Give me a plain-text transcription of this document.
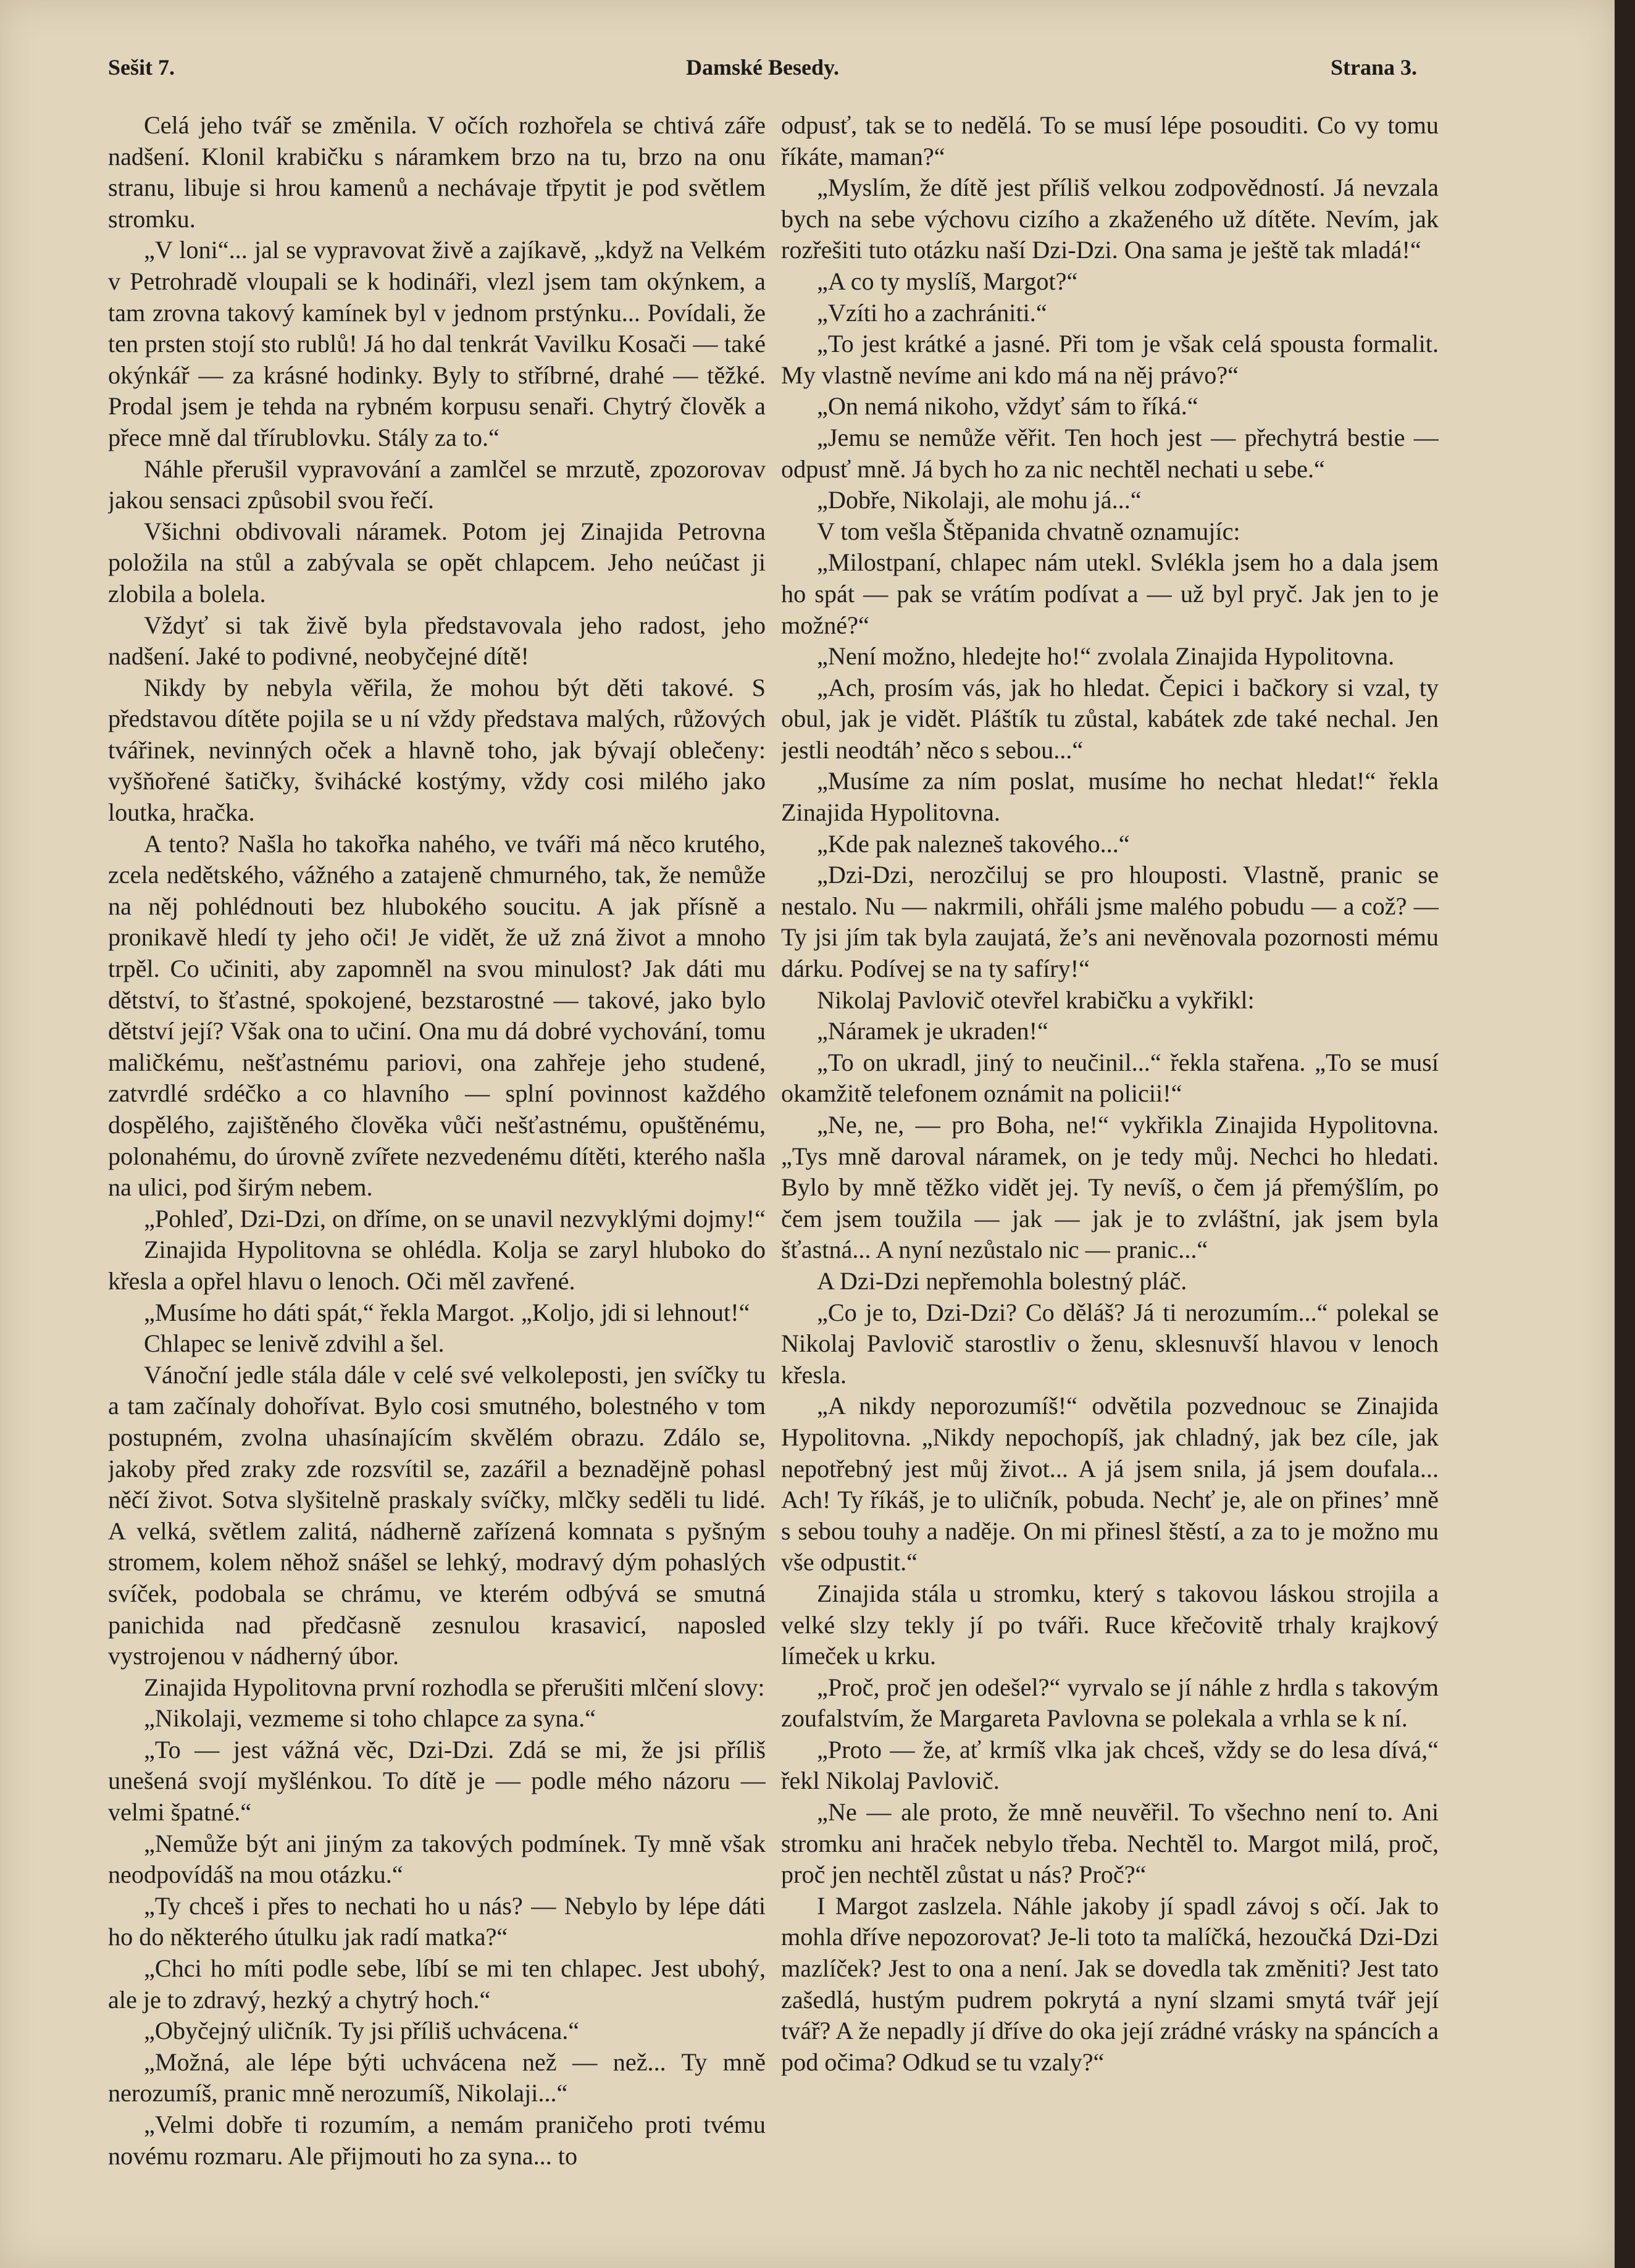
Sešit 7.	Damské Besedy.	Strana 3.

Celá jeho tvář se změnila. V očích rozhořela se chtivá záře nadšení. Klonil krabičku s náramkem brzo na tu, brzo na onu stranu, libuje si hrou kamenů a nechávaje třpytit je pod světlem stromku.

„V loni“... jal se vypravovat živě a zajíkavě, „když na Velkém v Petrohradě vloupali se k hodináři, vlezl jsem tam okýnkem, a tam zrovna takový kamínek byl v jednom prstýnku... Povídali, že ten prsten stojí sto rublů! Já ho dal tenkrát Vavilku Kosači — také okýnkář — za krásné hodinky. Byly to stříbrné, drahé — těžké. Prodal jsem je tehda na rybném korpusu senaři. Chytrý člověk a přece mně dal třírublovku. Stály za to.“

Náhle přerušil vypravování a zamlčel se mrzutě, zpozorovav jakou sensaci způsobil svou řečí.

Všichni obdivovali náramek. Potom jej Zinajida Petrovna položila na stůl a zabývala se opět chlapcem. Jeho neúčast ji zlobila a bolela.

Vždyť si tak živě byla představovala jeho radost, jeho nadšení. Jaké to podivné, neobyčejné dítě!

Nikdy by nebyla věřila, že mohou být děti takové. S představou dítěte pojila se u ní vždy představa malých, růžových tvářinek, nevinných oček a hlavně toho, jak bývají oblečeny: vyšňořené šatičky, švihácké kostýmy, vždy cosi milého jako loutka, hračka.

A tento? Našla ho takořka nahého, ve tváři má něco krutého, zcela nedětského, vážného a zatajeně chmurného, tak, že nemůže na něj pohlédnouti bez hlubokého soucitu. A jak přísně a pronikavě hledí ty jeho oči! Je vidět, že už zná život a mnoho trpěl. Co učiniti, aby zapomněl na svou minulost? Jak dáti mu dětství, to šťastné, spokojené, bezstarostné — takové, jako bylo dětství její? Však ona to učiní. Ona mu dá dobré vychování, tomu maličkému, nešťastnému pariovi, ona zahřeje jeho studené, zatvrdlé srdéčko a co hlavního — splní povinnost každého dospělého, zajištěného člověka vůči nešťastnému, opuštěnému, polonahému, do úrovně zvířete nezvedenému dítěti, kterého našla na ulici, pod širým nebem.

„Pohleď, Dzi-Dzi, on dříme, on se unavil nezvyklými dojmy!“

Zinajida Hypolitovna se ohlédla. Kolja se zaryl hluboko do křesla a opřel hlavu o lenoch. Oči měl zavřené.

„Musíme ho dáti spát,“ řekla Margot. „Koljo, jdi si lehnout!“

Chlapec se lenivě zdvihl a šel.

Vánoční jedle stála dále v celé své velkoleposti, jen svíčky tu a tam začínaly dohořívat. Bylo cosi smutného, bolestného v tom postupném, zvolna uhasínajícím skvělém obrazu. Zdálo se, jakoby před zraky zde rozsvítil se, zazářil a beznadějně pohasl něčí život. Sotva slyšitelně praskaly svíčky, mlčky seděli tu lidé. A velká, světlem zalitá, nádherně zařízená komnata s pyšným stromem, kolem něhož snášel se lehký, modravý dým pohaslých svíček, podobala se chrámu, ve kterém odbývá se smutná panichida nad předčasně zesnulou krasavicí, naposled vystrojenou v nádherný úbor.

Zinajida Hypolitovna první rozhodla se přerušiti mlčení slovy:

„Nikolaji, vezmeme si toho chlapce za syna.“

„To — jest vážná věc, Dzi-Dzi. Zdá se mi, že jsi příliš unešená svojí myšlénkou. To dítě je — podle mého názoru — velmi špatné.“

„Nemůže být ani jiným za takových podmínek. Ty mně však neodpovídáš na mou otázku.“

„Ty chceš i přes to nechati ho u nás? — Nebylo by lépe dáti ho do některého útulku jak radí matka?“

„Chci ho míti podle sebe, líbí se mi ten chlapec. Jest ubohý, ale je to zdravý, hezký a chytrý hoch.“

„Obyčejný uličník. Ty jsi příliš uchvácena.“

„Možná, ale lépe býti uchvácena než — než... Ty mně nerozumíš, pranic mně nerozumíš, Nikolaji...“

„Velmi dobře ti rozumím, a nemám praničeho proti tvému novému rozmaru. Ale přijmouti ho za syna... to

odpusť, tak se to nedělá. To se musí lépe posouditi. Co vy tomu říkáte, maman?“

„Myslím, že dítě jest příliš velkou zodpovědností. Já nevzala bych na sebe výchovu cizího a zkaženého už dítěte. Nevím, jak rozřešiti tuto otázku naší Dzi-Dzi. Ona sama je ještě tak mladá!“

„A co ty myslíš, Margot?“

„Vzíti ho a zachrániti.“

„To jest krátké a jasné. Při tom je však celá spousta formalit. My vlastně nevíme ani kdo má na něj právo?“

„On nemá nikoho, vždyť sám to říká.“

„Jemu se nemůže věřit. Ten hoch jest — přechytrá bestie — odpusť mně. Já bych ho za nic nechtěl nechati u sebe.“

„Dobře, Nikolaji, ale mohu já...“

V tom vešla Štěpanida chvatně oznamujíc:

„Milostpaní, chlapec nám utekl. Svlékla jsem ho a dala jsem ho spát — pak se vrátím podívat a — už byl pryč. Jak jen to je možné?“

„Není možno, hledejte ho!“ zvolala Zinajida Hypolitovna.

„Ach, prosím vás, jak ho hledat. Čepici i bačkory si vzal, ty obul, jak je vidět. Pláštík tu zůstal, kabátek zde také nechal. Jen jestli neodtáh’ něco s sebou...“

„Musíme za ním poslat, musíme ho nechat hledat!“ řekla Zinajida Hypolitovna.

„Kde pak nalezneš takového...“

„Dzi-Dzi, nerozčiluj se pro hlouposti. Vlastně, pranic se nestalo. Nu — nakrmili, ohřáli jsme malého pobudu — a což? — Ty jsi jím tak byla zaujatá, že’s ani nevěnovala pozornosti mému dárku. Podívej se na ty safíry!“

Nikolaj Pavlovič otevřel krabičku a vykřikl:

„Náramek je ukraden!“

„To on ukradl, jiný to neučinil...“ řekla stařena. „To se musí okamžitě telefonem oznámit na policii!“

„Ne, ne, — pro Boha, ne!“ vykřikla Zinajida Hypolitovna. „Tys mně daroval náramek, on je tedy můj. Nechci ho hledati. Bylo by mně těžko vidět jej. Ty nevíš, o čem já přemýšlím, po čem jsem toužila — jak — jak je to zvláštní, jak jsem byla šťastná... A nyní nezůstalo nic — pranic...“

A Dzi-Dzi nepřemohla bolestný pláč.

„Co je to, Dzi-Dzi? Co děláš? Já ti nerozumím...“ polekal se Nikolaj Pavlovič starostliv o ženu, sklesnuvší hlavou v lenoch křesla.

„A nikdy neporozumíš!“ odvětila pozvednouc se Zinajida Hypolitovna. „Nikdy nepochopíš, jak chladný, jak bez cíle, jak nepotřebný jest můj život... A já jsem snila, já jsem doufala... Ach! Ty říkáš, je to uličník, pobuda. Nechť je, ale on přines’ mně s sebou touhy a naděje. On mi přinesl štěstí, a za to je možno mu vše odpustit.“

Zinajida stála u stromku, který s takovou láskou strojila a velké slzy tekly jí po tváři. Ruce křečovitě trhaly krajkový límeček u krku.

„Proč, proč jen odešel?“ vyrvalo se jí náhle z hrdla s takovým zoufalstvím, že Margareta Pavlovna se polekala a vrhla se k ní.

„Proto — že, ať krmíš vlka jak chceš, vždy se do lesa dívá,“ řekl Nikolaj Pavlovič.

„Ne — ale proto, že mně neuvěřil. To všechno není to. Ani stromku ani hraček nebylo třeba. Nechtěl to. Margot milá, proč, proč jen nechtěl zůstat u nás? Proč?“

I Margot zaslzela. Náhle jakoby jí spadl závoj s očí. Jak to mohla dříve nepozorovat? Je-li toto ta malíčká, hezoučká Dzi-Dzi mazlíček? Jest to ona a není. Jak se dovedla tak změniti? Jest tato zašedlá, hustým pudrem pokrytá a nyní slzami smytá tvář její tvář? A že nepadly jí dříve do oka její zrádné vrásky na spáncích a pod očima? Odkud se tu vzaly?“
